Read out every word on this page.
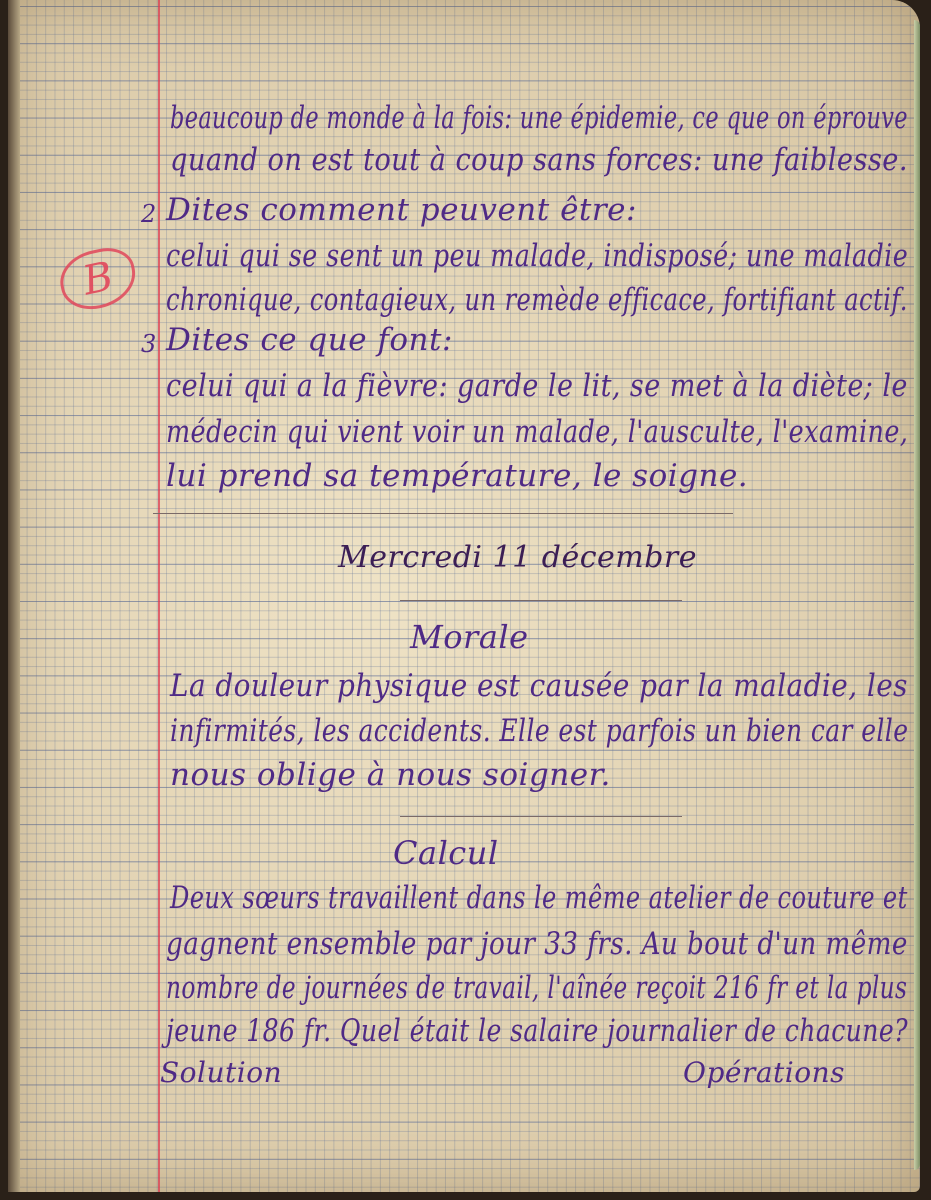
B
beaucoup de monde à la fois: une épidemie, ce que on éprouve
quand on est tout à coup sans forces: une faiblesse.
2 Dites comment peuvent être:
celui qui se sent un peu malade, indisposé; une maladie
chronique, contagieux, un remède efficace, fortifiant actif.
3 Dites ce que font:
celui qui a la fièvre: garde le lit, se met à la diète; le
médecin qui vient voir un malade, l'ausculte, l'examine,
lui prend sa température, le soigne.
Mercredi 11 décembre
Morale
La douleur physique est causée par la maladie, les
infirmités, les accidents. Elle est parfois un bien car elle
nous oblige à nous soigner.
Calcul
Deux sœurs travaillent dans le même atelier de couture et
gagnent ensemble par jour 33 frs. Au bout d'un même
nombre de journées de travail, l'aînée reçoit 216 fr et la plus
jeune 186 fr. Quel était le salaire journalier de chacune?
Solution	Opérations
